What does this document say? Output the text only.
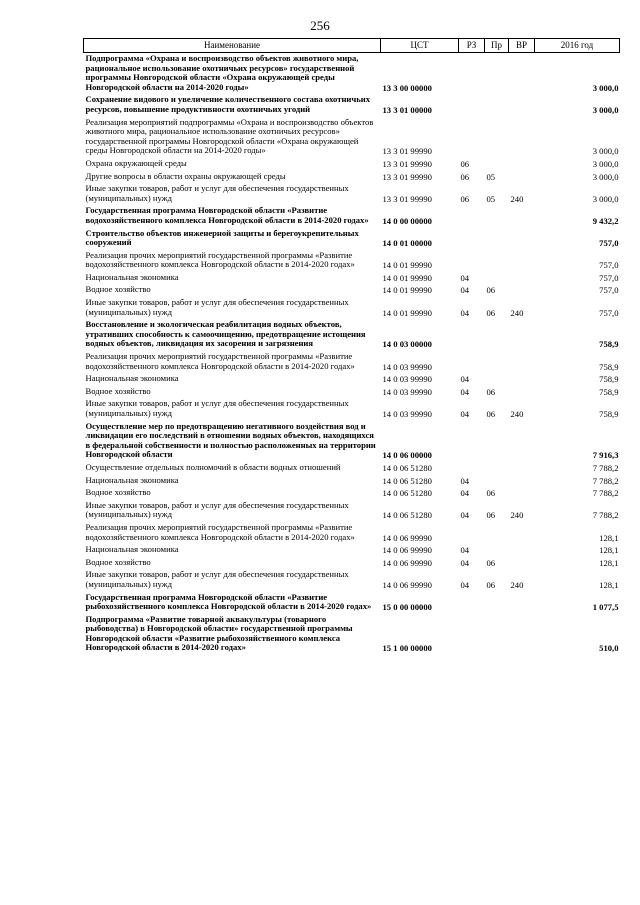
256
Наименование	ЦСТ	РЗ	Пр	ВР	2016 год
Подпрограмма «Охрана и воспроизводство объектов животного мира, рациональное использование охотничьих ресурсов» государственной программы Новгородской области «Охрана окружающей среды Новгородской области на 2014-2020 годы»	13 3 00 00000				3 000,0
Сохранение видового и увеличение количественного состава охотничьих ресурсов, повышение продуктивности охотничьих угодий	13 3 01 00000				3 000,0
Реализация мероприятий подпрограммы «Охрана и воспроизводство объектов животного мира, рациональное использование охотничьих ресурсов» государственной программы Новгородской области «Охрана окружающей среды Новгородской области на 2014-2020 годы»	13 3 01 99990				3 000,0
Охрана окружающей среды	13 3 01 99990	06			3 000,0
Другие вопросы в области охраны окружающей среды	13 3 01 99990	06	05		3 000,0
Иные закупки товаров, работ и услуг для обеспечения государственных (муниципальных) нужд	13 3 01 99990	06	05	240	3 000,0
Государственная программа Новгородской области «Развитие водохозяйственного комплекса Новгородской области в 2014-2020 годах»	14 0 00 00000				9 432,2
Строительство объектов инженерной защиты и берегоукрепительных сооружений	14 0 01 00000				757,0
Реализация прочих мероприятий государственной программы «Развитие водохозяйственного комплекса Новгородской области в 2014-2020 годах»	14 0 01 99990				757,0
Национальная экономика	14 0 01 99990	04			757,0
Водное хозяйство	14 0 01 99990	04	06		757,0
Иные закупки товаров, работ и услуг для обеспечения государственных (муниципальных) нужд	14 0 01 99990	04	06	240	757,0
Восстановление и экологическая реабилитация водных объектов, утративших способность к самоочищению, предотвращение истощения водных объектов, ликвидация их засорения и загрязнения	14 0 03 00000				758,9
Реализация прочих мероприятий государственной программы «Развитие водохозяйственного комплекса Новгородской области в 2014-2020 годах»	14 0 03 99990				758,9
Национальная экономика	14 0 03 99990	04			758,9
Водное хозяйство	14 0 03 99990	04	06		758,9
Иные закупки товаров, работ и услуг для обеспечения государственных (муниципальных) нужд	14 0 03 99990	04	06	240	758,9
Осуществление мер по предотвращению негативного воздействия вод и ликвидации его последствий в отношении водных объектов, находящихся в федеральной собственности и полностью расположенных на территории Новгородской области	14 0 06 00000				7 916,3
Осуществление отдельных полномочий в области водных отношений	14 0 06 51280				7 788,2
Национальная экономика	14 0 06 51280	04			7 788,2
Водное хозяйство	14 0 06 51280	04	06		7 788,2
Иные закупки товаров, работ и услуг для обеспечения государственных (муниципальных) нужд	14 0 06 51280	04	06	240	7 788,2
Реализация прочих мероприятий государственной программы «Развитие водохозяйственного комплекса Новгородской области в 2014-2020 годах»	14 0 06 99990				128,1
Национальная экономика	14 0 06 99990	04			128,1
Водное хозяйство	14 0 06 99990	04	06		128,1
Иные закупки товаров, работ и услуг для обеспечения государственных (муниципальных) нужд	14 0 06 99990	04	06	240	128,1
Государственная программа Новгородской области «Развитие рыбохозяйственного комплекса Новгородской области в 2014-2020 годах»	15 0 00 00000				1 077,5
Подпрограмма «Развитие товарной аквакультуры (товарного рыбоводства) в Новгородской области» государственной программы Новгородской области «Развитие рыбохозяйственного комплекса Новгородской области в 2014-2020 годах»	15 1 00 00000				510,0
